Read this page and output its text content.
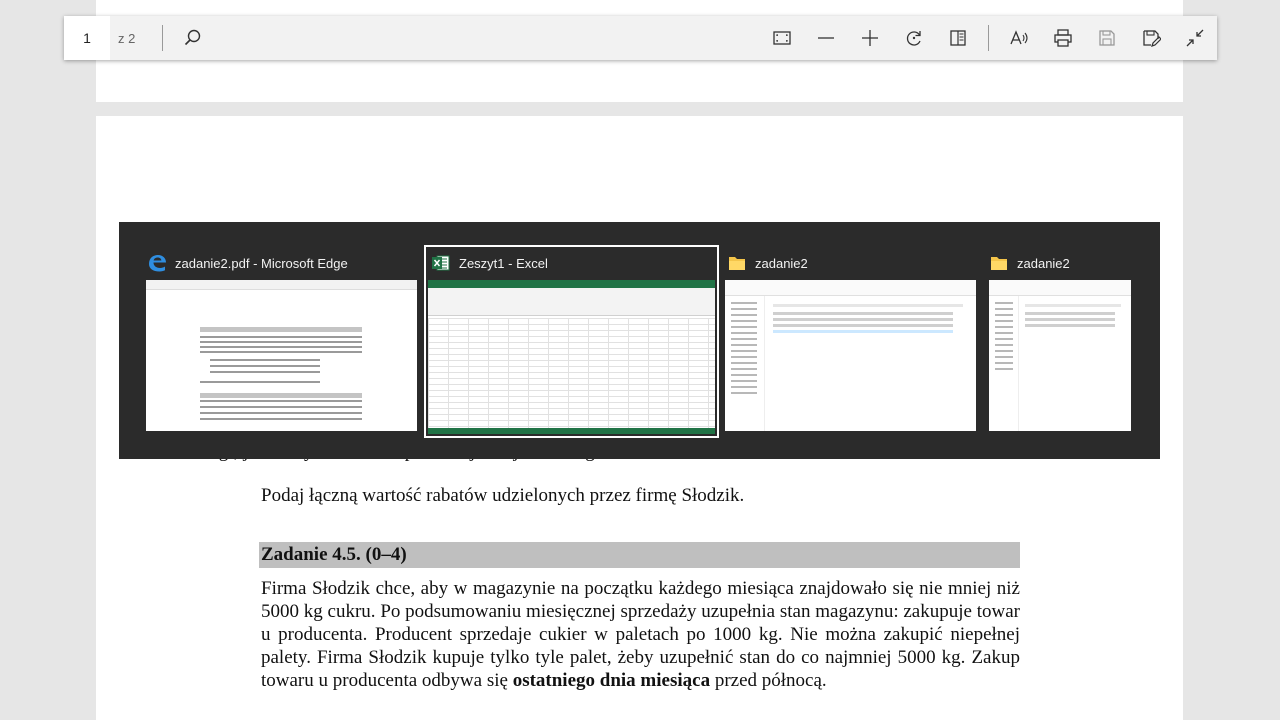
•
Podaj łączną wartość rabatów udzielonych przez firmę Słodzik.
Zadanie 4.5. (0–4)
Firma Słodzik chce, aby w magazynie na początku każdego miesiąca znajdowało się nie mniej niż 5000 kg cukru. Po podsumowaniu miesięcznej sprzedaży uzupełnia stan magazynu: zakupuje towar u producenta. Producent sprzedaje cukier w paletach po 1000 kg. Nie można zakupić niepełnej palety. Firma Słodzik kupuje tylko tyle palet, żeby uzupełnić stan do co najmniej 5000 kg. Zakup towaru u producenta odbywa się ostatniego dnia miesiąca przed północą.
1	z 2
zadanie2.pdf - Microsoft Edge	Zeszyt1 - Excel	zadanie2	zadanie2
